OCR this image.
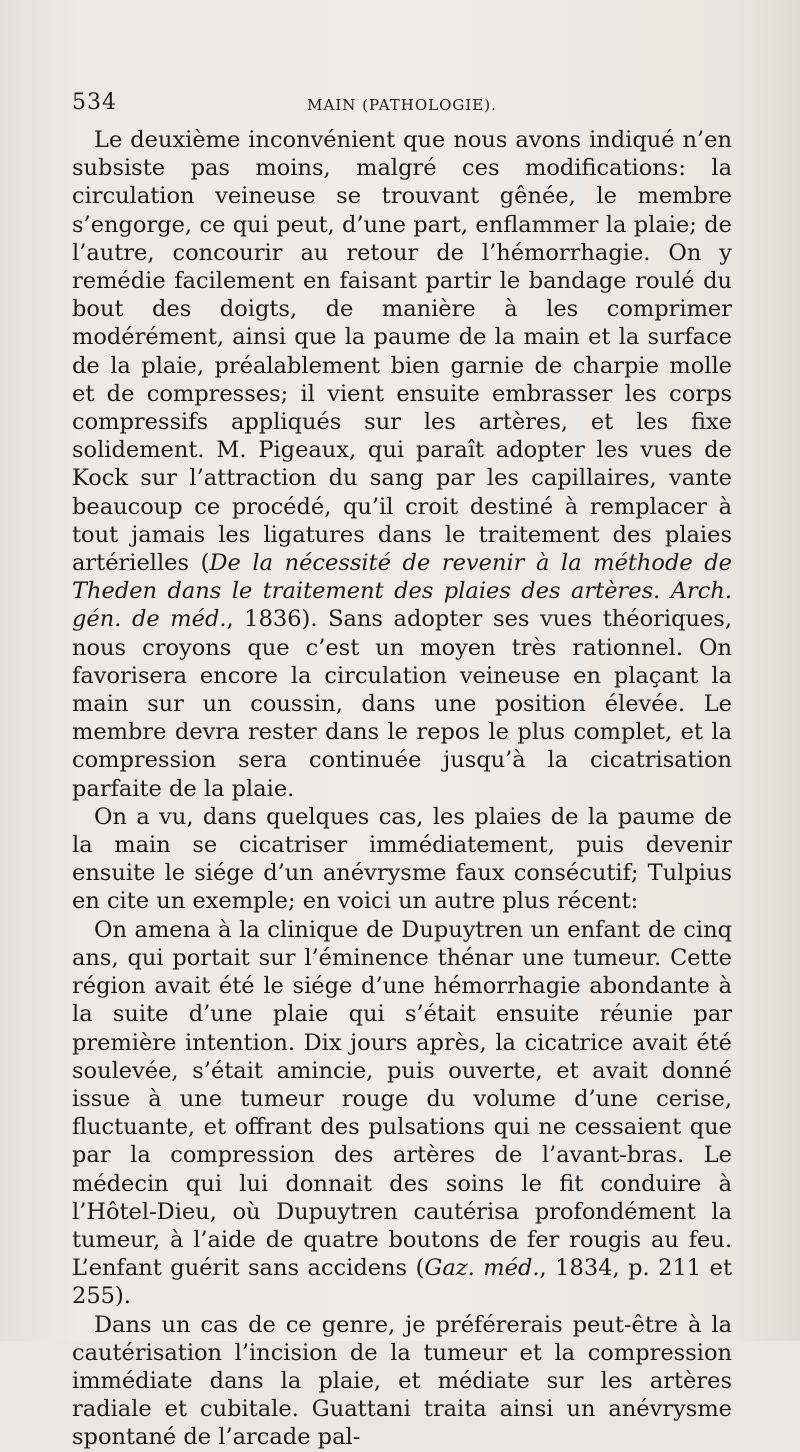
534	MAIN (PATHOLOGIE).

Le deuxième inconvénient que nous avons indiqué n’en subsiste pas moins, malgré ces modifications: la circulation veineuse se trouvant gênée, le membre s’engorge, ce qui peut, d’une part, enflammer la plaie; de l’autre, concourir au retour de l’hémorrhagie. On y remédie facilement en faisant partir le bandage roulé du bout des doigts, de manière à les comprimer modérément, ainsi que la paume de la main et la surface de la plaie, préalablement bien garnie de charpie molle et de compresses; il vient ensuite embrasser les corps compressifs appliqués sur les artères, et les fixe solidement. M. Pigeaux, qui paraît adopter les vues de Kock sur l’attraction du sang par les capillaires, vante beaucoup ce procédé, qu’il croit destiné à remplacer à tout jamais les ligatures dans le traitement des plaies artérielles (De la nécessité de revenir à la méthode de Theden dans le traitement des plaies des artères. Arch. gén. de méd., 1836). Sans adopter ses vues théoriques, nous croyons que c’est un moyen très rationnel. On favorisera encore la circulation veineuse en plaçant la main sur un coussin, dans une position élevée. Le membre devra rester dans le repos le plus complet, et la compression sera continuée jusqu’à la cicatrisation parfaite de la plaie.

On a vu, dans quelques cas, les plaies de la paume de la main se cicatriser immédiatement, puis devenir ensuite le siége d’un anévrysme faux consécutif; Tulpius en cite un exemple; en voici un autre plus récent:

On amena à la clinique de Dupuytren un enfant de cinq ans, qui portait sur l’éminence thénar une tumeur. Cette région avait été le siége d’une hémorrhagie abondante à la suite d’une plaie qui s’était ensuite réunie par première intention. Dix jours après, la cicatrice avait été soulevée, s’était amincie, puis ouverte, et avait donné issue à une tumeur rouge du volume d’une cerise, fluctuante, et offrant des pulsations qui ne cessaient que par la compression des artères de l’avant-bras. Le médecin qui lui donnait des soins le fit conduire à l’Hôtel-Dieu, où Dupuytren cautérisa profondément la tumeur, à l’aide de quatre boutons de fer rougis au feu. L’enfant guérit sans accidens (Gaz. méd., 1834, p. 211 et 255).

Dans un cas de ce genre, je préférerais peut-être à la cautérisation l’incision de la tumeur et la compression immédiate dans la plaie, et médiate sur les artères radiale et cubitale. Guattani traita ainsi un anévrysme spontané de l’arcade pal-
